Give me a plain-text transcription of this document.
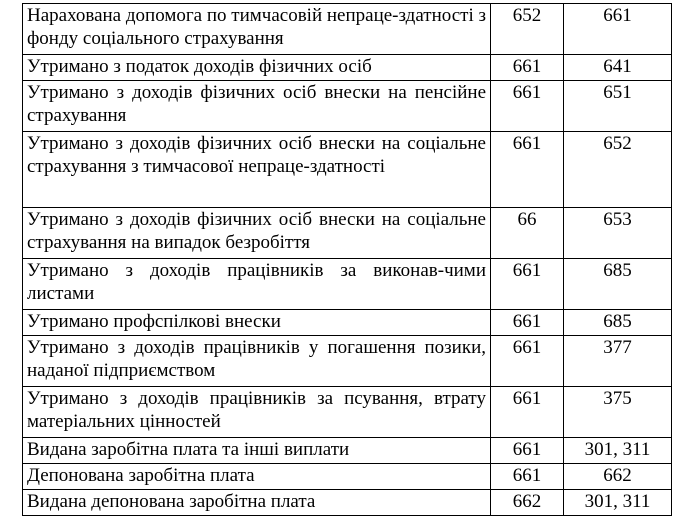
Нарахована допомога по тимчасовій непраце-здатності з фонду соціального страхування	652	661
Утримано з податок доходів фізичних осіб	661	641
Утримано з доходів фізичних осіб внески на пенсійне страхування	661	651
Утримано з доходів фізичних осіб внески на соціальне страхування з тимчасової непраце-здатності	661	652
Утримано з доходів фізичних осіб внески на соціальне страхування на випадок безробіття	66	653
Утримано з доходів працівників за виконав-чими листами	661	685
Утримано профспілкові внески	661	685
Утримано з доходів працівників у погашення позики, наданої підприємством	661	377
Утримано з доходів працівників за псування, втрату матеріальних цінностей	661	375
Видана заробітна плата та інші виплати	661	301, 311
Депонована заробітна плата	661	662
Видана депонована заробітна плата	662	301, 311
